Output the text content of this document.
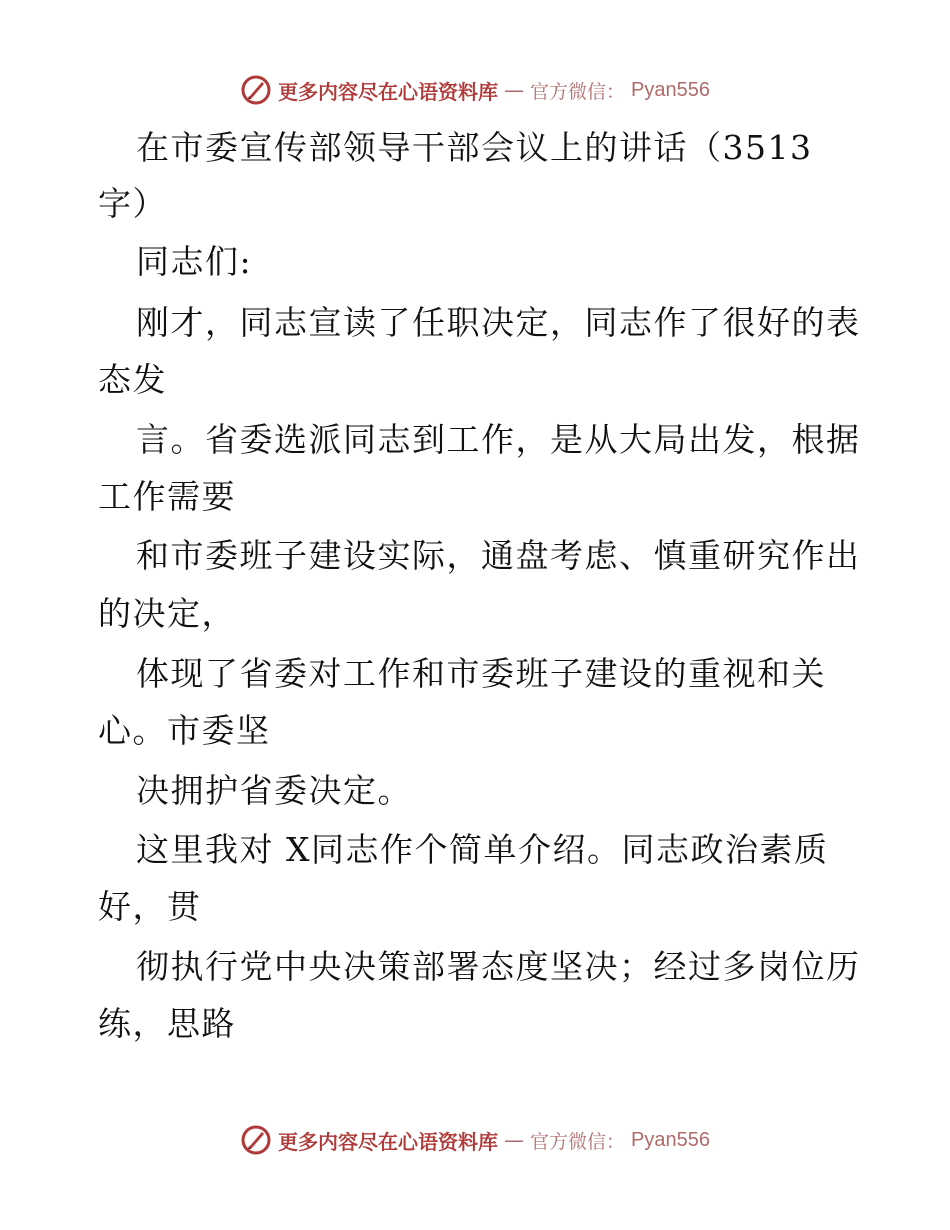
更多内容尽在心语资料库 — 官方微信： Pyan556
在市委宣传部领导干部会议上的讲话（3513
字）
同志们:
刚才，同志宣读了任职决定，同志作了很好的表
态发
言。省委选派同志到工作，是从大局出发，根据
工作需要
和市委班子建设实际，通盘考虑、慎重研究作出
的决定，
体现了省委对工作和市委班子建设的重视和关
心。市委坚
决拥护省委决定。
这里我对 X同志作个简单介绍。同志政治素质
好，贯
彻执行党中央决策部署态度坚决；经过多岗位历
练，思路
更多内容尽在心语资料库 — 官方微信： Pyan556
